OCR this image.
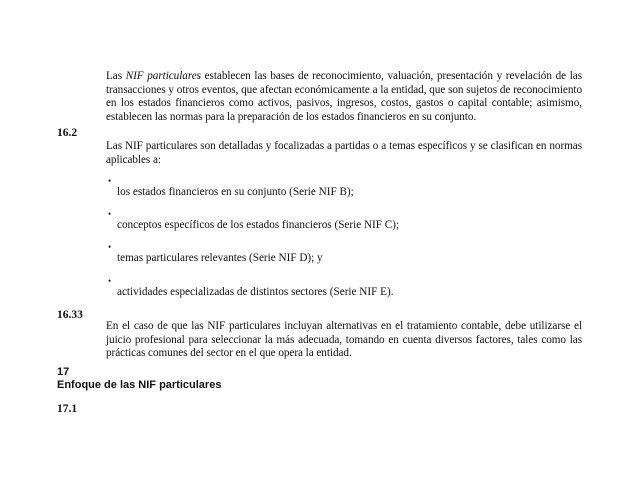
Las NIF particulares establecen las bases de reconocimiento, valuación, presentación y revelación de las transacciones y otros eventos, que afectan económicamente a la entidad, que son sujetos de reconocimiento en los estados financieros como activos, pasivos, ingresos, costos, gastos o capital contable; asimismo, establecen las normas para la preparación de los estados financieros en su conjunto.
16.2
Las NIF particulares son detalladas y focalizadas a partidas o a temas específicos y se clasifican en normas aplicables a:
•
los estados financieros en su conjunto (Serie NIF B);
•
conceptos específicos de los estados financieros (Serie NIF C);
•
temas particulares relevantes (Serie NIF D); y
•
actividades especializadas de distintos sectores (Serie NIF E).
16.33
En el caso de que las NIF particulares incluyan alternativas en el tratamiento contable, debe utilizarse el juicio profesional para seleccionar la más adecuada, tomando en cuenta diversos factores, tales como las prácticas comunes del sector en el que opera la entidad.
17
Enfoque de las NIF particulares
17.1
